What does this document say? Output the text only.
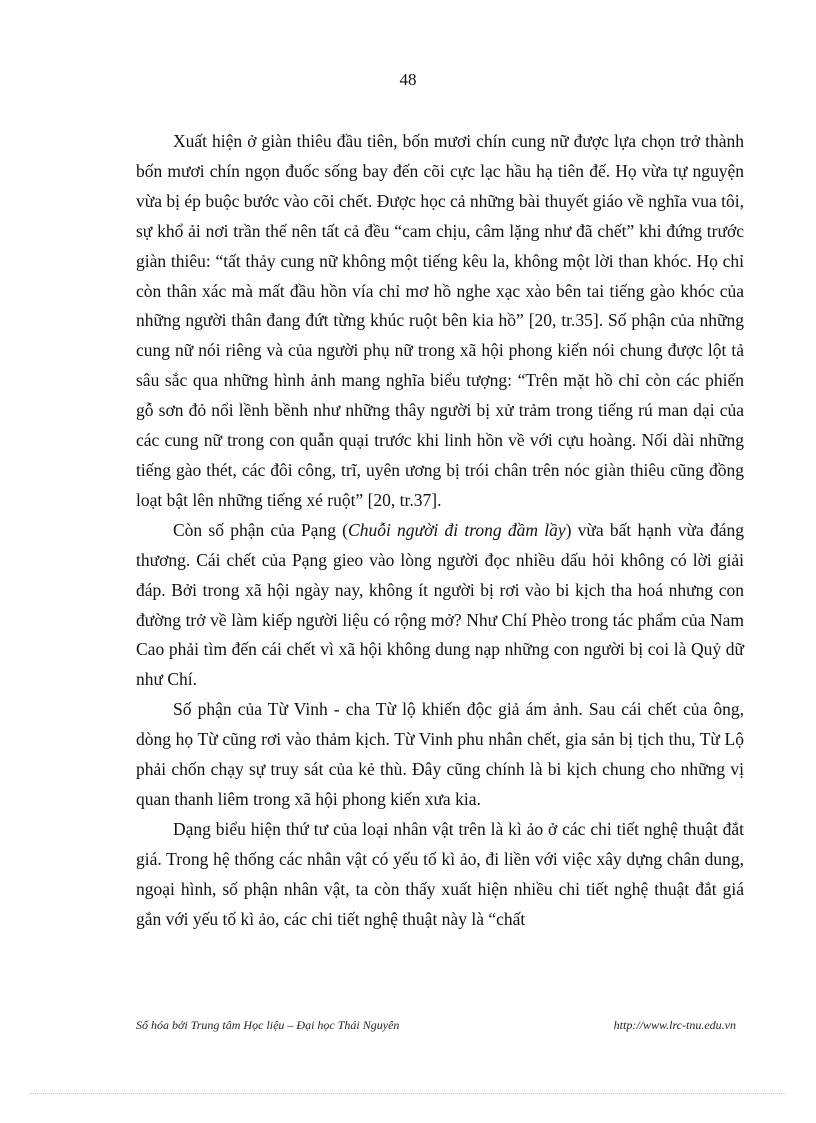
48

Xuất hiện ở giàn thiêu đầu tiên, bốn mươi chín cung nữ được lựa chọn trở thành bốn mươi chín ngọn đuốc sống bay đến cõi cực lạc hầu hạ tiên đế. Họ vừa tự nguyện vừa bị ép buộc bước vào cõi chết. Được học cả những bài thuyết giáo về nghĩa vua tôi, sự khổ ải nơi trần thế nên tất cả đều “cam chịu, câm lặng như đã chết” khi đứng trước giàn thiêu: “tất thảy cung nữ không một tiếng kêu la, không một lời than khóc. Họ chỉ còn thân xác mà mất đầu hồn vía chỉ mơ hồ nghe xạc xào bên tai tiếng gào khóc của những người thân đang đứt từng khúc ruột bên kia hồ” [20, tr.35]. Số phận của những cung nữ nói riêng và của người phụ nữ trong xã hội phong kiến nói chung được lột tả sâu sắc qua những hình ảnh mang nghĩa biểu tượng: “Trên mặt hồ chỉ còn các phiến gỗ sơn đỏ nổi lềnh bềnh như những thây người bị xử trảm trong tiếng rú man dại của các cung nữ trong con quẫn quại trước khi linh hồn về với cựu hoàng. Nối dài những tiếng gào thét, các đôi công, trĩ, uyên ương bị trói chân trên nóc giàn thiêu cũng đồng loạt bật lên những tiếng xé ruột” [20, tr.37].

Còn số phận của Pạng (Chuỗi người đi trong đầm lầy) vừa bất hạnh vừa đáng thương. Cái chết của Pạng gieo vào lòng người đọc nhiều dấu hỏi không có lời giải đáp. Bởi trong xã hội ngày nay, không ít người bị rơi vào bi kịch tha hoá nhưng con đường trở về làm kiếp người liệu có rộng mở? Như Chí Phèo trong tác phẩm của Nam Cao phải tìm đến cái chết vì xã hội không dung nạp những con người bị coi là Quỷ dữ như Chí.

Số phận của Từ Vinh - cha Từ lộ khiến độc giả ám ảnh. Sau cái chết của ông, dòng họ Từ cũng rơi vào thảm kịch. Từ Vinh phu nhân chết, gia sản bị tịch thu, Từ Lộ phải chốn chạy sự truy sát của kẻ thù. Đây cũng chính là bi kịch chung cho những vị quan thanh liêm trong xã hội phong kiến xưa kia.

Dạng biểu hiện thứ tư của loại nhân vật trên là kì ảo ở các chi tiết nghệ thuật đắt giá. Trong hệ thống các nhân vật có yếu tố kì ảo, đi liền với việc xây dựng chân dung, ngoại hình, số phận nhân vật, ta còn thấy xuất hiện nhiều chi tiết nghệ thuật đắt giá gắn với yếu tố kì ảo, các chi tiết nghệ thuật này là “chất

Số hóa bởi Trung tâm Học liệu – Đại học Thái Nguyên	http://www.lrc-tnu.edu.vn
